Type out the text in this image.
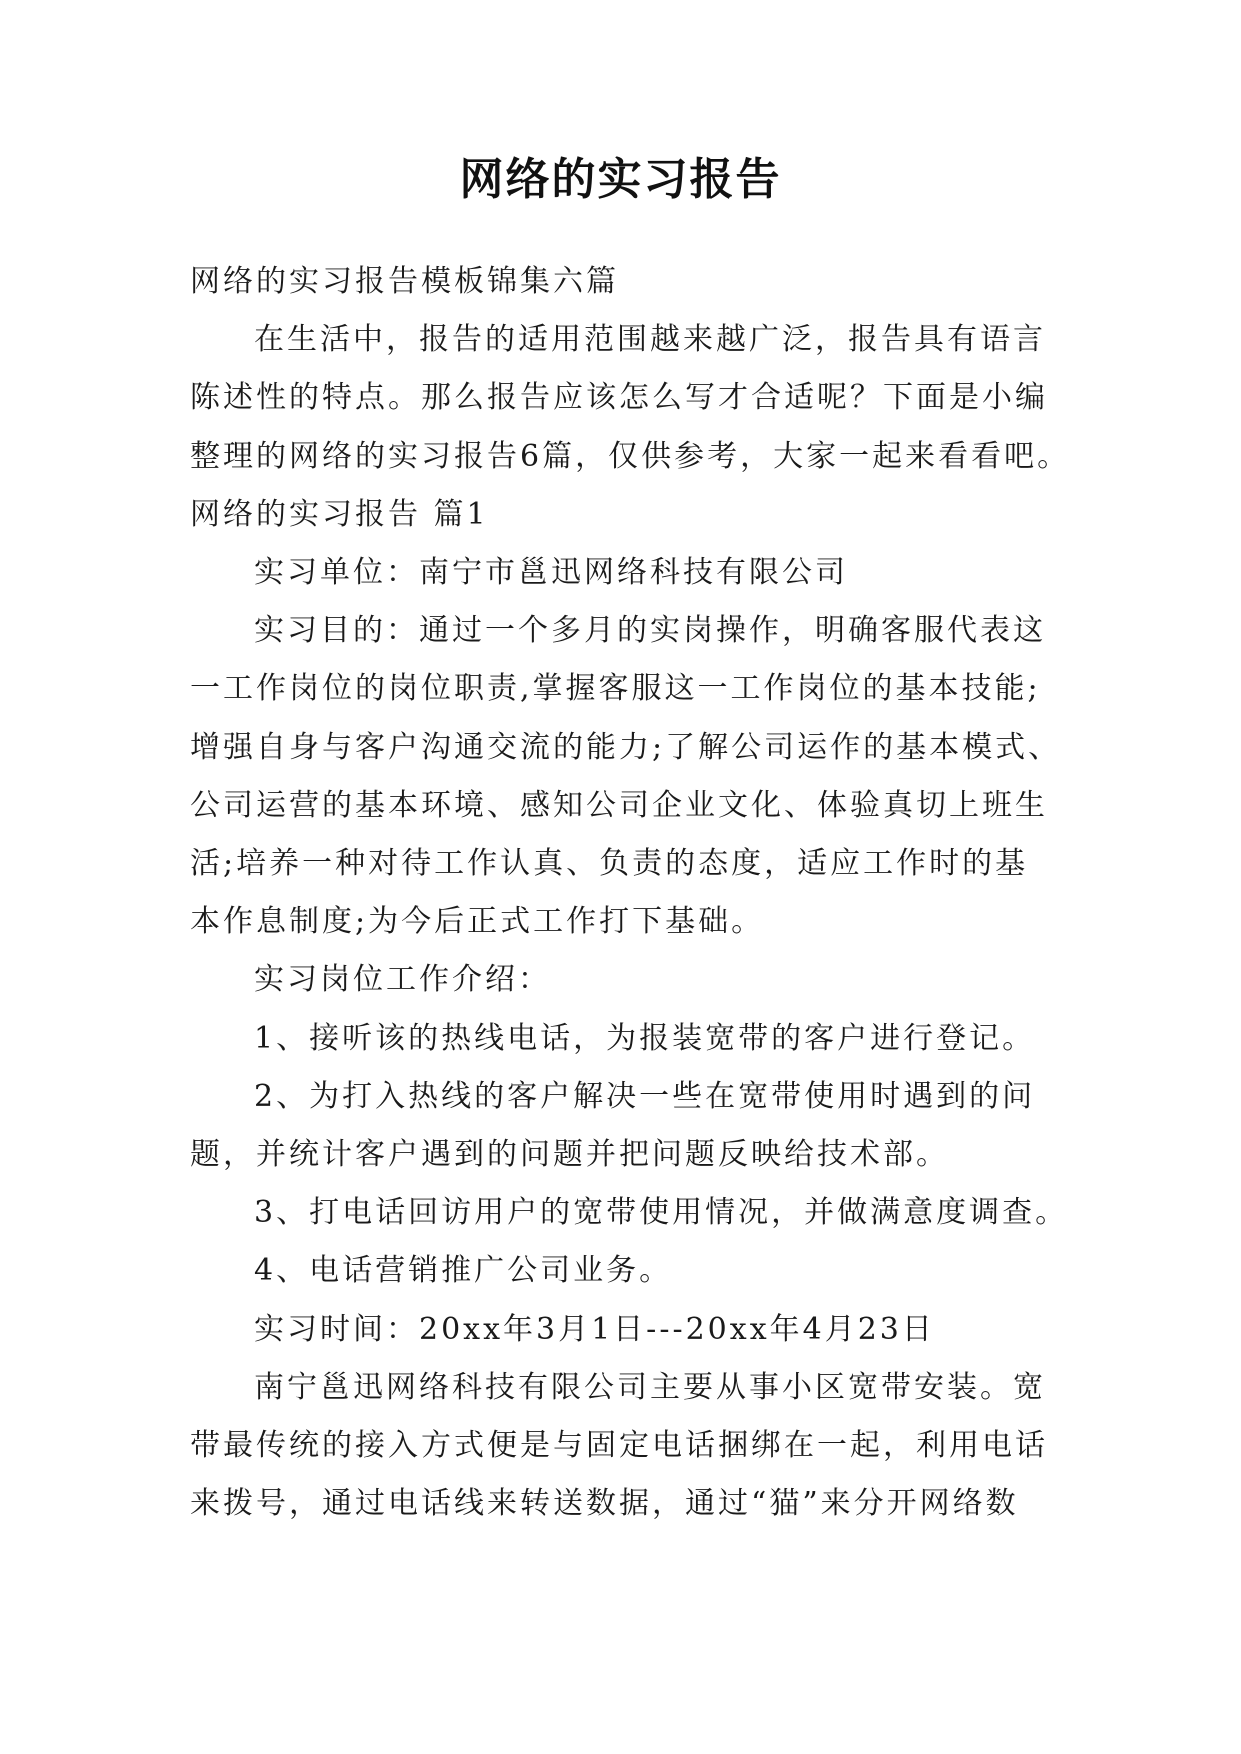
网络的实习报告
网络的实习报告模板锦集六篇
在生活中，报告的适用范围越来越广泛，报告具有语言
陈述性的特点。那么报告应该怎么写才合适呢？下面是小编
整理的网络的实习报告6篇，仅供参考，大家一起来看看吧。
网络的实习报告 篇1
实习单位：南宁市邕迅网络科技有限公司
实习目的：通过一个多月的实岗操作，明确客服代表这
一工作岗位的岗位职责,掌握客服这一工作岗位的基本技能;
增强自身与客户沟通交流的能力;了解公司运作的基本模式、
公司运营的基本环境、感知公司企业文化、体验真切上班生
活;培养一种对待工作认真、负责的态度，适应工作时的基
本作息制度;为今后正式工作打下基础。
实习岗位工作介绍：
1、接听该的热线电话，为报装宽带的客户进行登记。
2、为打入热线的客户解决一些在宽带使用时遇到的问
题，并统计客户遇到的问题并把问题反映给技术部。
3、打电话回访用户的宽带使用情况，并做满意度调查。
4、电话营销推广公司业务。
实习时间：20xx年3月1日---20xx年4月23日
南宁邕迅网络科技有限公司主要从事小区宽带安装。宽
带最传统的接入方式便是与固定电话捆绑在一起，利用电话
来拨号，通过电话线来转送数据，通过“猫”来分开网络数
